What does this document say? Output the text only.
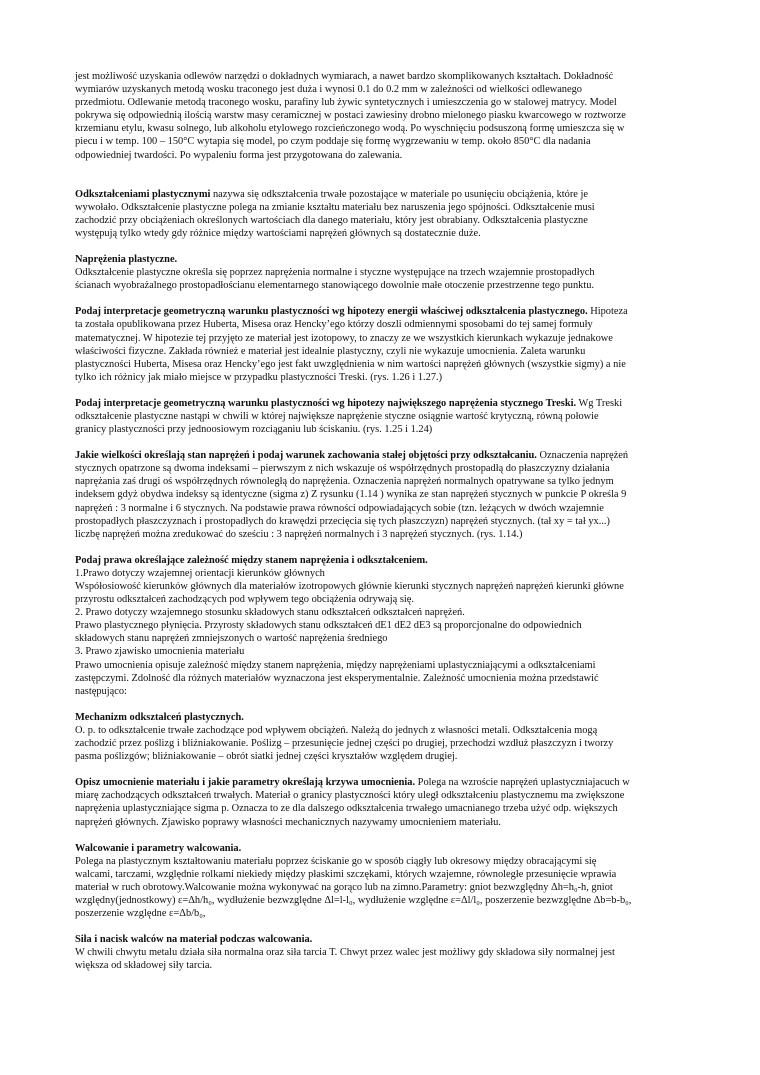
jest możliwość uzyskania odlewów narzędzi o dokładnych wymiarach, a nawet bardzo skomplikowanych kształtach. Dokładność
wymiarów uzyskanych metodą wosku traconego jest duża i wynosi 0.1 do 0.2 mm w zależności od wielkości odlewanego
przedmiotu. Odlewanie metodą traconego wosku, parafiny lub żywic syntetycznych i umieszczenia go w stalowej matrycy. Model
pokrywa się odpowiednią ilością warstw masy ceramicznej w postaci zawiesiny drobno mielonego piasku kwarcowego w roztworze
krzemianu etylu, kwasu solnego, lub alkoholu etylowego rozcieńczonego wodą. Po wyschnięciu podsuszoną formę umieszcza się w
piecu i w temp. 100 – 150°C wytapia się model, po czym poddaje się formę wygrzewaniu w temp. około 850°C dla nadania
odpowiedniej twardości. Po wypaleniu forma jest przygotowana do zalewania.
Odkształceniami plastycznymi nazywa się odkształcenia trwałe pozostające w materiale po usunięciu obciążenia, które je
wywołało. Odkształcenie plastyczne polega na zmianie kształtu materiału bez naruszenia jego spójności. Odkształcenie musi
zachodzić przy obciążeniach określonych wartościach dla danego materiału, który jest obrabiany. Odkształcenia plastyczne
występują tylko wtedy gdy różnice między wartościami naprężeń głównych są dostatecznie duże.
Naprężenia plastyczne.
Odkształcenie plastyczne określa się poprzez naprężenia normalne i styczne występujące na trzech wzajemnie prostopadłych
ścianach wyobrażalnego prostopadłościanu elementarnego stanowiącego dowolnie małe otoczenie przestrzenne tego punktu.
Podaj interpretacje geometryczną warunku plastyczności wg hipotezy energii właściwej odkształcenia plastycznego. Hipoteza
ta została opublikowana przez Huberta, Misesa oraz Hencky’ego którzy doszli odmiennymi sposobami do tej samej formuły
matematycznej. W hipotezie tej przyjęto ze materiał jest izotopowy, to znaczy ze we wszystkich kierunkach wykazuje jednakowe
właściwości fizyczne. Zakłada również e materiał jest idealnie plastyczny, czyli nie wykazuje umocnienia. Zaleta warunku
plastyczności Huberta, Misesa oraz Hencky’ego jest fakt uwzględnienia w nim wartości naprężeń głównych (wszystkie sigmy) a nie
tylko ich różnicy jak miało miejsce w przypadku plastyczności Treski. (rys. 1.26 i 1.27.)
Podaj interpretacje geometryczną warunku plastyczności wg hipotezy największego naprężenia stycznego Treski. Wg Treski
odkształcenie plastyczne nastąpi w chwili w której największe naprężenie styczne osiągnie wartość krytyczną, równą połowie
granicy plastyczności przy jednoosiowym rozciąganiu lub ściskaniu. (rys. 1.25 i 1.24)
Jakie wielkości określają stan naprężeń i podaj warunek zachowania stałej objętości przy odkształcaniu. Oznaczenia naprężeń
stycznych opatrzone są dwoma indeksami – pierwszym z nich wskazuje oś współrzędnych prostopadłą do płaszczyzny działania
naprężania zaś drugi oś współrzędnych równoległą do naprężenia. Oznaczenia naprężeń normalnych opatrywane sa tylko jednym
indeksem gdyż obydwa indeksy są identyczne (sigma z) Z rysunku (1.14 ) wynika ze stan naprężeń stycznych w punkcie P określa 9
naprężeń : 3 normalne i 6 stycznych. Na podstawie prawa równości odpowiadających sobie (tzn. leżących w dwóch wzajemnie
prostopadłych płaszczyznach i prostopadłych do krawędzi przecięcia się tych płaszczyzn) naprężeń stycznych. (tał xy = tał yx...)
liczbę naprężeń można zredukować do sześciu : 3 naprężeń normalnych i 3 naprężeń stycznych. (rys. 1.14.)
Podaj prawa określające zależność między stanem naprężenia i odkształceniem.
1.Prawo dotyczy wzajemnej orientacji kierunków głównych
Współosiowość kierunków głównych dla materiałów izotropowych głównie kierunki stycznych naprężeń naprężeń kierunki główne
przyrostu odkształceń zachodzących pod wpływem tego obciążenia odrywają się.
2. Prawo dotyczy wzajemnego stosunku składowych stanu odkształceń odkształceń naprężeń.
Prawo plastycznego płynięcia. Przyrosty składowych stanu odkształceń dE1 dE2 dE3 są proporcjonalne do odpowiednich
składowych stanu naprężeń zmniejszonych o wartość naprężenia średniego
3. Prawo zjawisko umocnienia materiału
Prawo umocnienia opisuje zależność między stanem naprężenia, między naprężeniami uplastyczniającymi a odkształceniami
zastępczymi. Zdolność dla różnych materiałów wyznaczona jest eksperymentalnie. Zależność umocnienia można przedstawić
następująco:
Mechanizm odkształceń plastycznych.
O. p. to odkształcenie trwałe zachodzące pod wpływem obciążeń. Należą do jednych z własności metali. Odkształcenia mogą
zachodzić przez poślizg i bliźniakowanie. Poślizg – przesunięcie jednej części po drugiej, przechodzi wzdłuż płaszczyzn i tworzy
pasma poślizgów; bliźniakowanie – obrót siatki jednej części kryształów względem drugiej.
Opisz umocnienie materiału i jakie parametry określają krzywa umocnienia. Polega na wzroście naprężeń uplastyczniajacuch w
miarę zachodzących odkształceń trwałych. Materiał o granicy plastyczności który uległ odkształceniu plastycznemu ma zwiększone
naprężenia uplastyczniające sigma p. Oznacza to ze dla dalszego odkształcenia trwałego umacnianego trzeba użyć odp. większych
naprężeń głównych. Zjawisko poprawy własności mechanicznych nazywamy umocnieniem materiału.
Walcowanie i parametry walcowania.
Polega na plastycznym kształtowaniu materiału poprzez ściskanie go w sposób ciągły lub okresowy między obracającymi się
walcami, tarczami, względnie rolkami niekiedy między płaskimi szczękami, których wzajemne, równoległe przesunięcie wprawia
materiał w ruch obrotowy.Walcowanie można wykonywać na gorąco lub na zimno.Parametry: gniot bezwzględny Δh=h₀-h, gniot
względny(jednostkowy) ε=Δh/h₀, wydłużenie bezwzględne Δl=l-l₀, wydłużenie względne ε=Δl/l₀, poszerzenie bezwzględne Δb=b-b₀,
poszerzenie względne ε=Δb/b₀,
Siła i nacisk walców na materiał podczas walcowania.
W chwili chwytu metalu działa siła normalna oraz siła tarcia T. Chwyt przez walec jest możliwy gdy składowa siły normalnej jest
większa od składowej siły tarcia.
